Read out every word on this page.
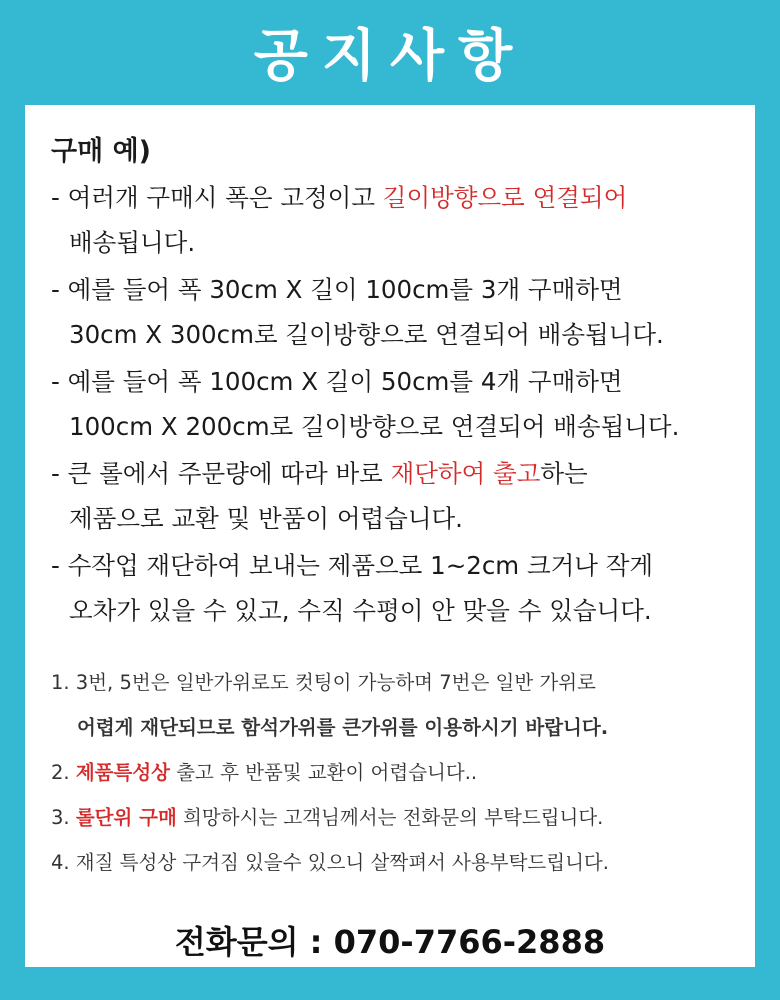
공지사항
구매 예)
- 여러개 구매시 폭은 고정이고 길이방향으로 연결되어
배송됩니다.
- 예를 들어 폭 30cm X 길이 100cm를 3개 구매하면
30cm X 300cm로 길이방향으로 연결되어 배송됩니다.
- 예를 들어 폭 100cm X 길이 50cm를 4개 구매하면
100cm X 200cm로 길이방향으로 연결되어 배송됩니다.
- 큰 롤에서 주문량에 따라 바로 재단하여 출고하는
제품으로 교환 및 반품이 어렵습니다.
- 수작업 재단하여 보내는 제품으로 1~2cm 크거나 작게
오차가 있을 수 있고, 수직 수평이 안 맞을 수 있습니다.
1. 3번, 5번은 일반가위로도 컷팅이 가능하며 7번은 일반 가위로
어렵게 재단되므로 함석가위를 큰가위를 이용하시기 바랍니다.
2. 제품특성상 출고 후 반품및 교환이 어렵습니다..
3. 롤단위 구매 희망하시는 고객님께서는 전화문의 부탁드립니다.
4. 재질 특성상 구겨짐 있을수 있으니 살짝펴서 사용부탁드립니다.
전화문의 : 070-7766-2888
